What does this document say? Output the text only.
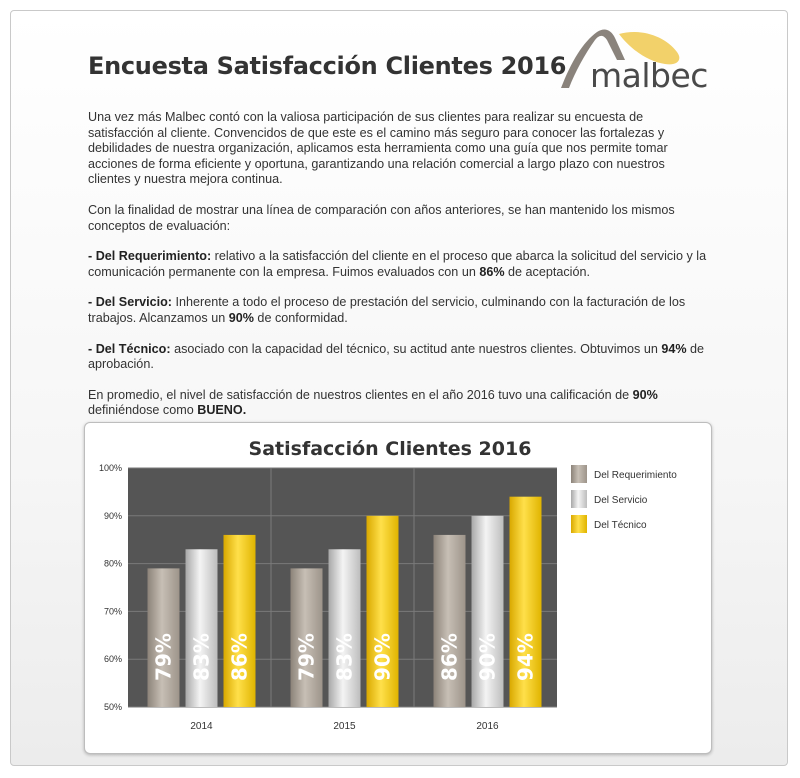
Encuesta Satisfacción Clientes 2016 malbec

Una vez más Malbec contó con la valiosa participación de sus clientes para realizar su encuesta de satisfacción al cliente. Convencidos de que este es el camino más seguro para conocer las fortalezas y debilidades de nuestra organización, aplicamos esta herramienta como una guía que nos permite tomar acciones de forma eficiente y oportuna, garantizando una relación comercial a largo plazo con nuestros clientes y nuestra mejora continua.

Con la finalidad de mostrar una línea de comparación con años anteriores, se han mantenido los mismos conceptos de evaluación:

- Del Requerimiento: relativo a la satisfacción del cliente en el proceso que abarca la solicitud del servicio y la comunicación permanente con la empresa. Fuimos evaluados con un 86% de aceptación.

- Del Servicio: Inherente a todo el proceso de prestación del servicio, culminando con la facturación de los trabajos. Alcanzamos un 90% de conformidad.

- Del Técnico: asociado con la capacidad del técnico, su actitud ante nuestros clientes. Obtuvimos un 94% de aprobación.

En promedio, el nivel de satisfacción de nuestros clientes en el año 2016 tuvo una calificación de 90% definiéndose como BUENO.

Satisfacción Clientes 2016
50%
60%
70%
80%
90%
100%
79% 83% 86%
2014
79% 83% 90%
2015
86% 90% 94%
2016
Del Requerimiento
Del Servicio
Del Técnico
